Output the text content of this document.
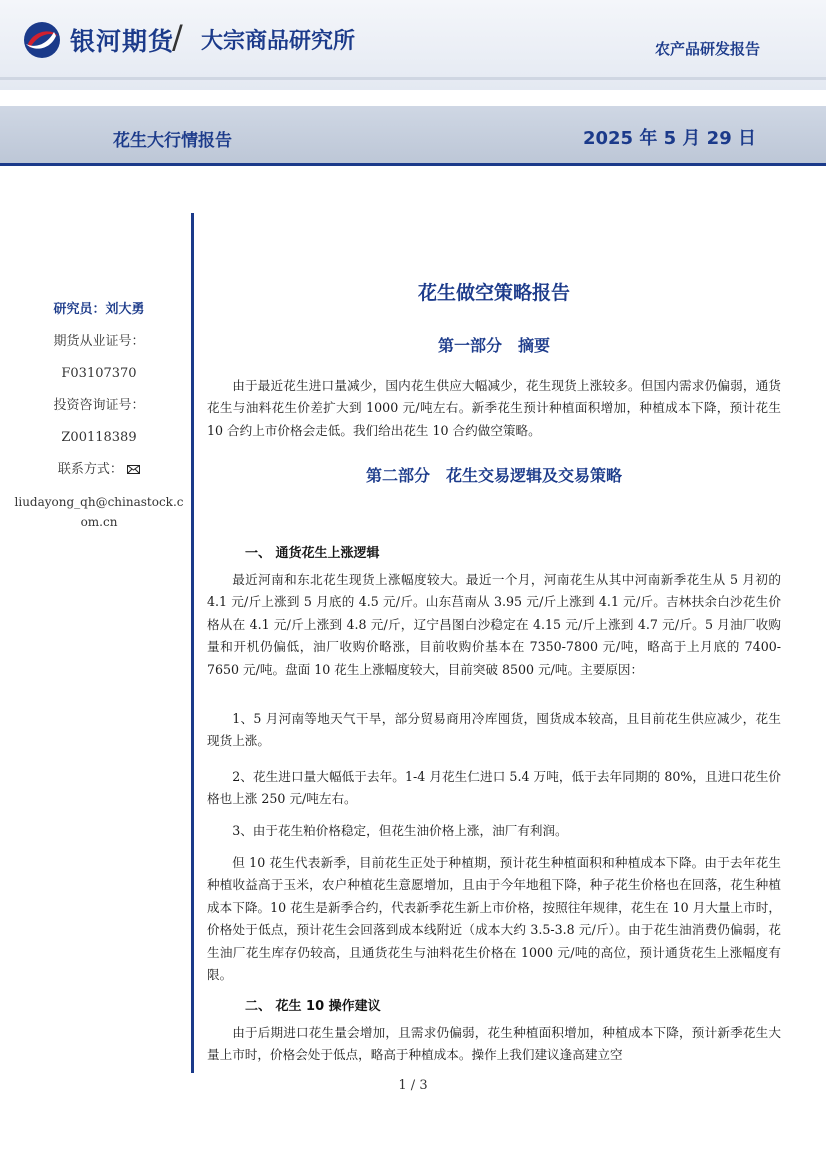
银河期货
/ 大宗商品研究所	农产品研发报告
花生大行情报告	2025 年 5 月 29 日
研究员：刘大勇
期货从业证号：
F03107370
投资咨询证号：
Z00118389
联系方式：
liudayong_qh@chinastock.com.cn
花生做空策略报告
第一部分　摘要
由于最近花生进口量减少，国内花生供应大幅减少，花生现货上涨较多。但国内需求仍偏弱，通货花生与油料花生价差扩大到 1000 元/吨左右。新季花生预计种植面积增加，种植成本下降，预计花生 10 合约上市价格会走低。我们给出花生 10 合约做空策略。
第二部分　花生交易逻辑及交易策略
一、 通货花生上涨逻辑
最近河南和东北花生现货上涨幅度较大。最近一个月，河南花生从其中河南新季花生从 5 月初的 4.1 元/斤上涨到 5 月底的 4.5 元/斤。山东莒南从 3.95 元/斤上涨到 4.1 元/斤。吉林扶余白沙花生价格从在 4.1 元/斤上涨到 4.8 元/斤，辽宁昌图白沙稳定在 4.15 元/斤上涨到 4.7 元/斤。5 月油厂收购量和开机仍偏低，油厂收购价略涨，目前收购价基本在 7350-7800 元/吨，略高于上月底的 7400-7650 元/吨。盘面 10 花生上涨幅度较大，目前突破 8500 元/吨。主要原因：
1、5 月河南等地天气干旱，部分贸易商用冷库囤货，囤货成本较高，且目前花生供应减少，花生现货上涨。
2、花生进口量大幅低于去年。1-4 月花生仁进口 5.4 万吨，低于去年同期的 80%，且进口花生价格也上涨 250 元/吨左右。
3、由于花生粕价格稳定，但花生油价格上涨，油厂有利润。
但 10 花生代表新季，目前花生正处于种植期，预计花生种植面积和种植成本下降。由于去年花生种植收益高于玉米，农户种植花生意愿增加，且由于今年地租下降，种子花生价格也在回落，花生种植成本下降。10 花生是新季合约，代表新季花生新上市价格，按照往年规律，花生在 10 月大量上市时，价格处于低点，预计花生会回落到成本线附近（成本大约 3.5-3.8 元/斤）。由于花生油消费仍偏弱，花生油厂花生库存仍较高，且通货花生与油料花生价格在 1000 元/吨的高位，预计通货花生上涨幅度有限。
二、 花生 10 操作建议
由于后期进口花生量会增加，且需求仍偏弱，花生种植面积增加，种植成本下降，预计新季花生大量上市时，价格会处于低点，略高于种植成本。操作上我们建议逢高建立空
1 / 3
